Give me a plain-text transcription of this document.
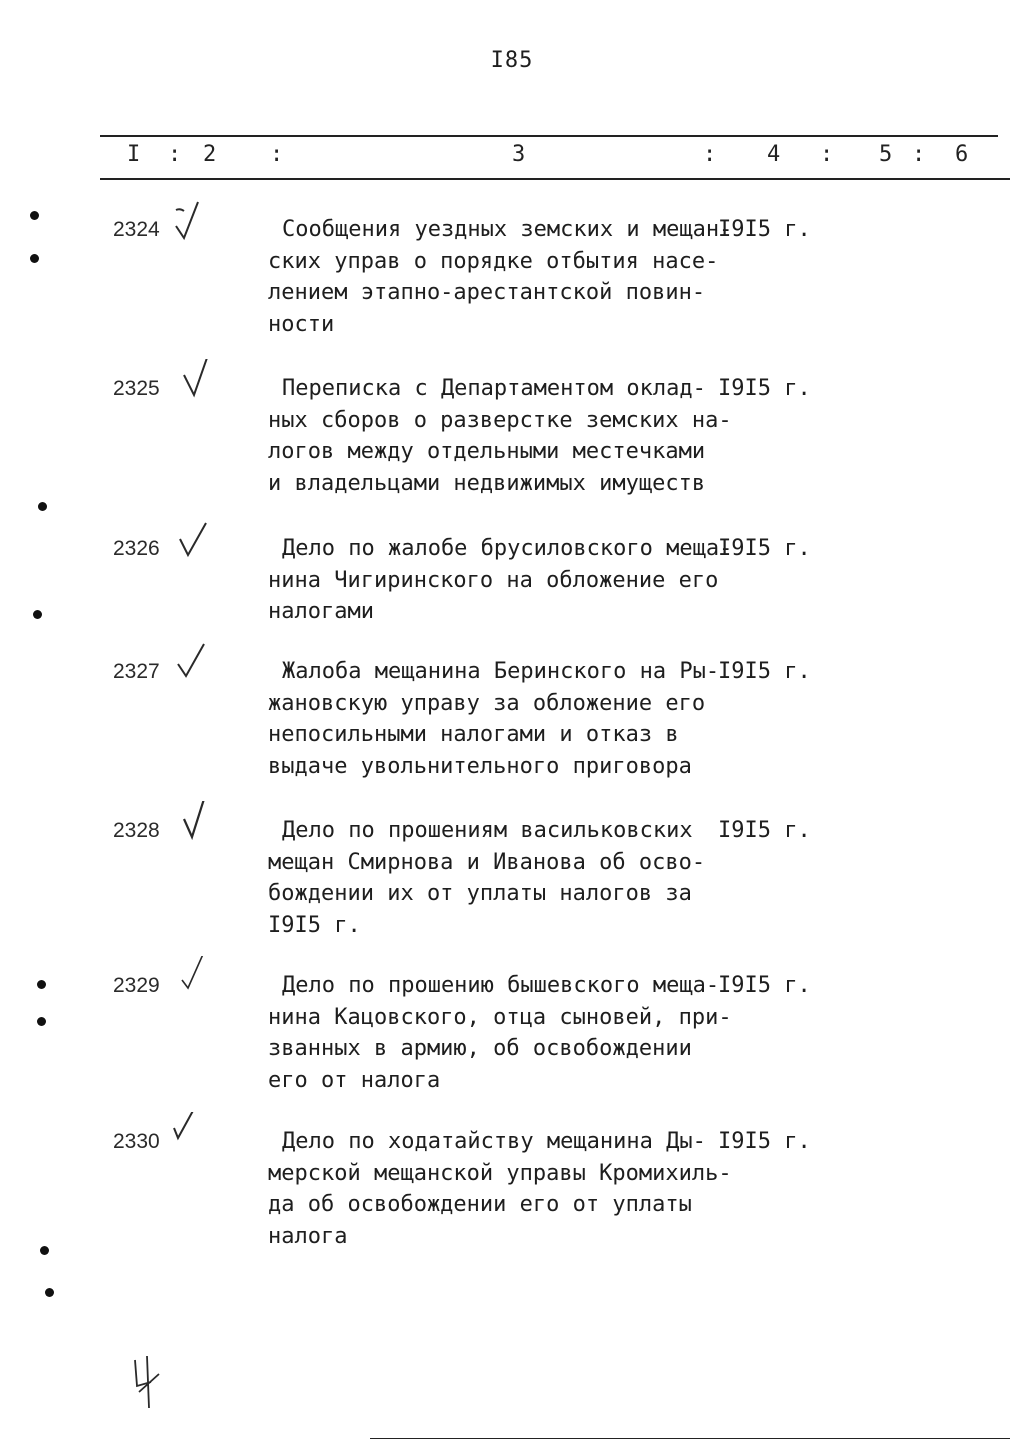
I85
I : 2 :	3	: 4 : 5 : 6
2324	Сообщения уездных земских и мещан-
ских управ о порядке отбытия насе-
лением этапно-арестантской повин-
ности
I9I5 г.
2325	Переписка с Департаментом оклад-
ных сборов о разверстке земских на-
логов между отдельными местечками
и владельцами недвижимых имуществ
I9I5 г.
2326	Дело по жалобе брусиловского меща-
нина Чигиринского на обложение его
налогами
I9I5 г.
2327	Жалоба мещанина Беринского на Ры-
жановскую управу за обложение его
непосильными налогами и отказ в
выдаче увольнительного приговора
I9I5 г.
2328	Дело по прошениям васильковских
мещан Смирнова и Иванова об осво-
бождении их от уплаты налогов за
I9I5 г.
I9I5 г.
2329	Дело по прошению бышевского меща-
нина Кацовского, отца сыновей, при-
званных в армию, об освобождении
его от налога
I9I5 г.
2330	Дело по ходатайству мещанина Ды-
мерской мещанской управы Кромихиль-
да об освобождении его от уплаты
налога
I9I5 г.
